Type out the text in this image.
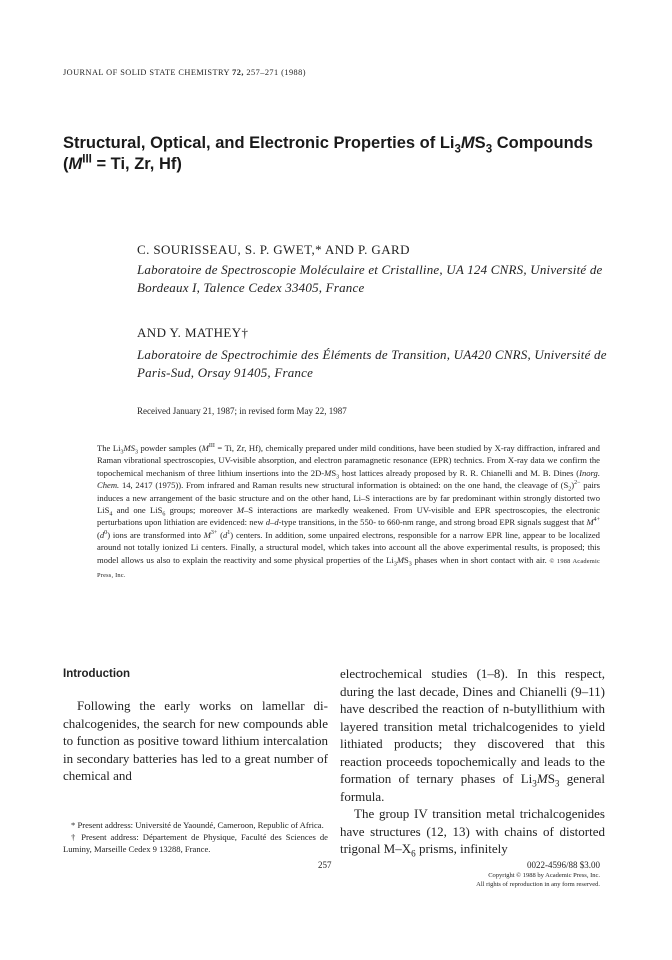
JOURNAL OF SOLID STATE CHEMISTRY 72, 257–271 (1988)
Structural, Optical, and Electronic Properties of $Li_3MS_3$ Compounds
($M^{III} = Ti$, Zr, Hf)
C. SOURISSEAU, S. P. GWET,* AND P. GARD
Laboratoire de Spectroscopie Moléculaire et Cristalline, UA 124 CNRS, Université de Bordeaux I, Talence Cedex 33405, France
AND Y. MATHEY†
Laboratoire de Spectrochimie des Éléments de Transition, UA420 CNRS, Université de Paris-Sud, Orsay 91405, France
Received January 21, 1987; in revised form May 22, 1987
The $Li_3MS_3$ powder samples ($M^{III} = Ti$, Zr, Hf), chemically prepared under mild conditions, have been studied by X-ray diffraction, infrared and Raman vibrational spectroscopies, UV-visible absorption, and electron paramagnetic resonance (EPR) technics. From X-ray data we confirm the topochemical mechanism of three lithium insertions into the $2D-MS_3$ host lattices already proposed by R. R. Chianelli and M. B. Dines (Inorg. Chem. 14, 2417 (1975)). From infrared and Raman results new structural information is obtained: on the one hand, the cleavage of $(S_2)^{2-}$ pairs induces a new arrangement of the basic structure and on the other hand, Li–S interactions are by far predominant within strongly distorted two LiS$_4$ and one LiS$_6$ groups; moreover M–S interactions are markedly weakened. From UV-visible and EPR spectroscopies, the electronic perturbations upon lithiation are evidenced: new d–d-type transitions, in the 550- to 660-nm range, and strong broad EPR signals suggest that $M^{4+}$ $(d^0)$ ions are transformed into $M^{3+}$ $(d^1)$ centers. In addition, some unpaired electrons, responsible for a narrow EPR line, appear to be localized around not totally ionized Li centers. Finally, a structural model, which takes into account all the above experimental results, is proposed; this model allows us also to explain the reactivity and some physical properties of the $Li_3MS_3$ phases when in short contact with air. © 1988 Academic Press, Inc.
Introduction
Following the early works on lamellar di-chalcogenides, the search for new compounds able to function as positive toward lithium intercalation in secondary batteries has led to a great number of chemical and

* Present address: Université de Yaoundé, Cameroon, Republic of Africa.

† Present address: Département de Physique, Faculté des Sciences de Luminy, Marseille Cedex 9 13288, France.

electrochemical studies (1–8). In this respect, during the last decade, Dines and Chianelli (9–11) have described the reaction of n-butyllithium with layered transition metal trichalcogenides to yield lithiated products; they discovered that this reaction proceeds topochemically and leads to the formation of ternary phases of $Li_3MS_3$ general formula.
The group IV transition metal trichalcogenides have structures (12, 13) with chains of distorted trigonal $M-X_6$ prisms, infinitely
257	0022-4596/88 $3.00
Copyright © 1988 by Academic Press, Inc.
All rights of reproduction in any form reserved.
